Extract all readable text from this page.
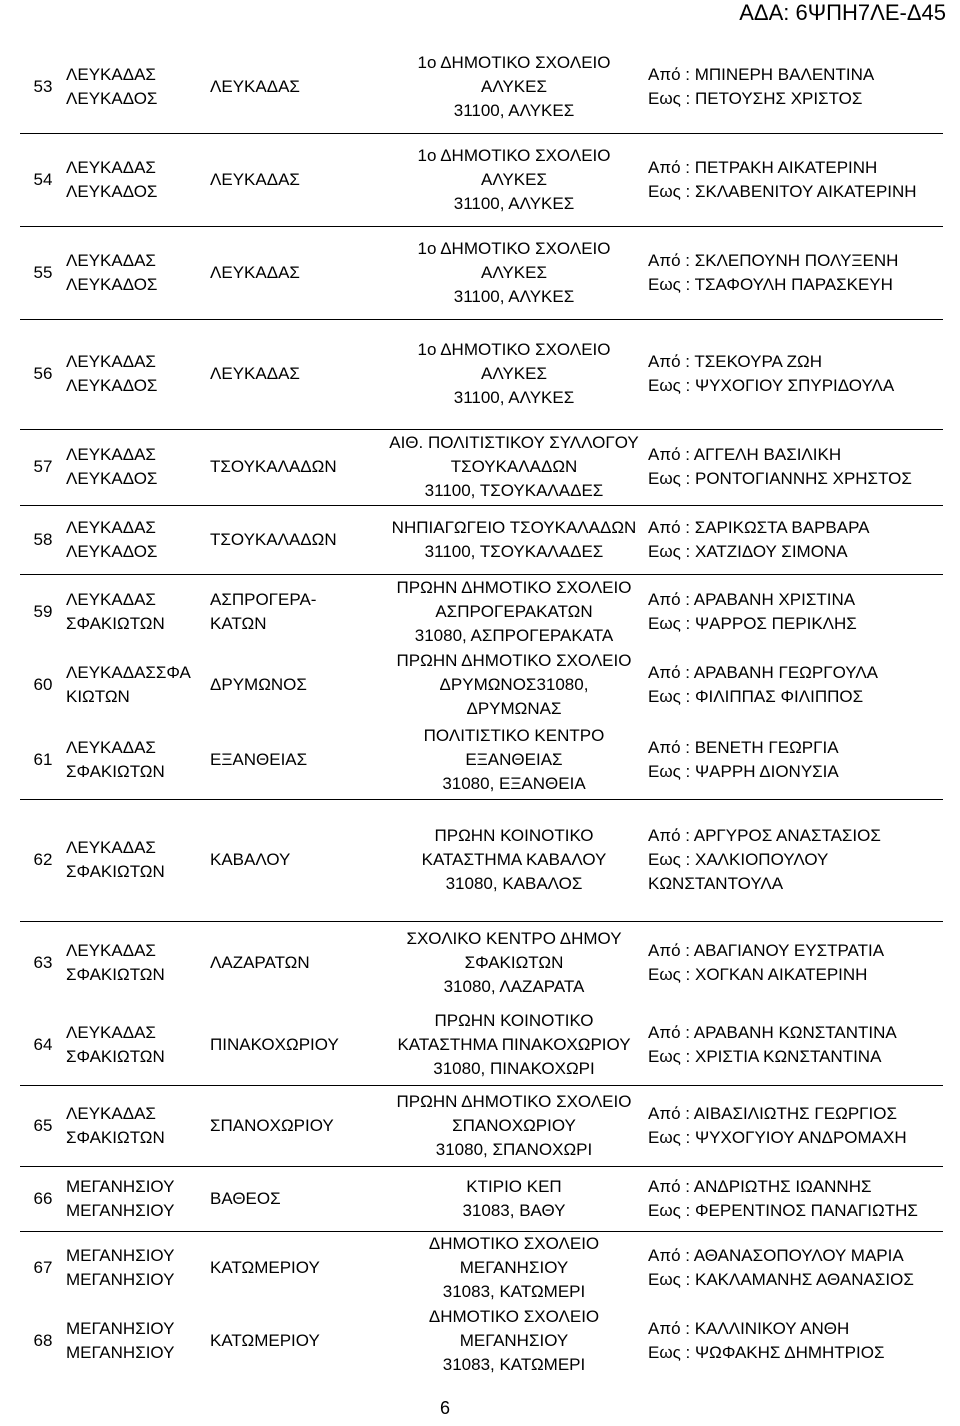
ΑΔΑ: 6ΨΠΗ7ΛΕ-Δ45
53	ΛΕΥΚΑΔΑΣ
ΛΕΥΚΑΔΟΣ	ΛΕΥΚΑΔΑΣ	1ο ΔΗΜΟΤΙΚΟ ΣΧΟΛΕΙΟ
ΑΛΥΚΕΣ
31100, ΑΛΥΚΕΣ	Από : ΜΠΙΝΕΡΗ ΒΑΛΕΝΤΙΝΑ
Εως : ΠΕΤΟΥΣΗΣ ΧΡΙΣΤΟΣ

54	ΛΕΥΚΑΔΑΣ
ΛΕΥΚΑΔΟΣ	ΛΕΥΚΑΔΑΣ	1ο ΔΗΜΟΤΙΚΟ ΣΧΟΛΕΙΟ
ΑΛΥΚΕΣ
31100, ΑΛΥΚΕΣ	Από : ΠΕΤΡΑΚΗ ΑΙΚΑΤΕΡΙΝΗ
Εως : ΣΚΛΑΒΕΝΙΤΟΥ ΑΙΚΑΤΕΡΙΝΗ

55	ΛΕΥΚΑΔΑΣ
ΛΕΥΚΑΔΟΣ	ΛΕΥΚΑΔΑΣ	1ο ΔΗΜΟΤΙΚΟ ΣΧΟΛΕΙΟ
ΑΛΥΚΕΣ
31100, ΑΛΥΚΕΣ	Από : ΣΚΛΕΠΟΥΝΗ ΠΟΛΥΞΕΝΗ
Εως : ΤΣΑΦΟΥΛΗ ΠΑΡΑΣΚΕΥΗ

56	ΛΕΥΚΑΔΑΣ
ΛΕΥΚΑΔΟΣ	ΛΕΥΚΑΔΑΣ	1ο ΔΗΜΟΤΙΚΟ ΣΧΟΛΕΙΟ
ΑΛΥΚΕΣ
31100, ΑΛΥΚΕΣ	Από : ΤΣΕΚΟΥΡΑ ΖΩΗ
Εως : ΨΥΧΟΓΙΟΥ ΣΠΥΡΙΔΟΥΛΑ

57	ΛΕΥΚΑΔΑΣ
ΛΕΥΚΑΔΟΣ	ΤΣΟΥΚΑΛΑΔΩΝ	ΑΙΘ. ΠΟΛΙΤΙΣΤΙΚΟΥ ΣΥΛΛΟΓΟΥ
ΤΣΟΥΚΑΛΑΔΩΝ
31100, ΤΣΟΥΚΑΛΑΔΕΣ	Από : ΑΓΓΕΛΗ ΒΑΣΙΛΙΚΗ
Εως : ΡΟΝΤΟΓΙΑΝΝΗΣ ΧΡΗΣΤΟΣ

58	ΛΕΥΚΑΔΑΣ
ΛΕΥΚΑΔΟΣ	ΤΣΟΥΚΑΛΑΔΩΝ	ΝΗΠΙΑΓΩΓΕΙΟ ΤΣΟΥΚΑΛΑΔΩΝ
31100, ΤΣΟΥΚΑΛΑΔΕΣ	Από : ΣΑΡΙΚΩΣΤΑ ΒΑΡΒΑΡΑ
Εως : ΧΑΤΖΙΔΟΥ ΣΙΜΟΝΑ

59	ΛΕΥΚΑΔΑΣ
ΣΦΑΚΙΩΤΩΝ	ΑΣΠΡΟΓΕΡΑ-
ΚΑΤΩΝ	ΠΡΩΗΝ ΔΗΜΟΤΙΚΟ ΣΧΟΛΕΙΟ
ΑΣΠΡΟΓΕΡΑΚΑΤΩΝ
31080, ΑΣΠΡΟΓΕΡΑΚΑΤΑ	Από : ΑΡΑΒΑΝΗ ΧΡΙΣΤΙΝΑ
Εως : ΨΑΡΡΟΣ ΠΕΡΙΚΛΗΣ

60	ΛΕΥΚΑΔΑΣΣΦΑ
ΚΙΩΤΩΝ	ΔΡΥΜΩΝΟΣ	ΠΡΩΗΝ ΔΗΜΟΤΙΚΟ ΣΧΟΛΕΙΟ
ΔΡΥΜΩΝΟΣ31080,
ΔΡΥΜΩΝΑΣ	Από : ΑΡΑΒΑΝΗ ΓΕΩΡΓΟΥΛΑ
Εως : ΦΙΛΙΠΠΑΣ ΦΙΛΙΠΠΟΣ

61	ΛΕΥΚΑΔΑΣ
ΣΦΑΚΙΩΤΩΝ	ΕΞΑΝΘΕΙΑΣ	ΠΟΛΙΤΙΣΤΙΚΟ ΚΕΝΤΡΟ
ΕΞΑΝΘΕΙΑΣ
31080, ΕΞΑΝΘΕΙΑ	Από : ΒΕΝΕΤΗ ΓΕΩΡΓΙΑ
Εως : ΨΑΡΡΗ ΔΙΟΝΥΣΙΑ

62	ΛΕΥΚΑΔΑΣ
ΣΦΑΚΙΩΤΩΝ	ΚΑΒΑΛΟΥ	ΠΡΩΗΝ ΚΟΙΝΟΤΙΚΟ
ΚΑΤΑΣΤΗΜΑ ΚΑΒΑΛΟΥ
31080, ΚΑΒΑΛΟΣ	Από : ΑΡΓΥΡΟΣ ΑΝΑΣΤΑΣΙΟΣ
Εως : ΧΑΛΚΙΟΠΟΥΛΟΥ
ΚΩΝΣΤΑΝΤΟΥΛΑ

63	ΛΕΥΚΑΔΑΣ
ΣΦΑΚΙΩΤΩΝ	ΛΑΖΑΡΑΤΩΝ	ΣΧΟΛΙΚΟ ΚΕΝΤΡΟ ΔΗΜΟΥ
ΣΦΑΚΙΩΤΩΝ
31080, ΛΑΖΑΡΑΤΑ	Από : ΑΒΑΓΙΑΝΟΥ ΕΥΣΤΡΑΤΙΑ
Εως : ΧΟΓΚΑΝ ΑΙΚΑΤΕΡΙΝΗ

64	ΛΕΥΚΑΔΑΣ
ΣΦΑΚΙΩΤΩΝ	ΠΙΝΑΚΟΧΩΡΙΟΥ	ΠΡΩΗΝ ΚΟΙΝΟΤΙΚΟ
ΚΑΤΑΣΤΗΜΑ ΠΙΝΑΚΟΧΩΡΙΟΥ
31080, ΠΙΝΑΚΟΧΩΡΙ	Από : ΑΡΑΒΑΝΗ ΚΩΝΣΤΑΝΤΙΝΑ
Εως : ΧΡΙΣΤΙΑ ΚΩΝΣΤΑΝΤΙΝΑ

65	ΛΕΥΚΑΔΑΣ
ΣΦΑΚΙΩΤΩΝ	ΣΠΑΝΟΧΩΡΙΟΥ	ΠΡΩΗΝ ΔΗΜΟΤΙΚΟ ΣΧΟΛΕΙΟ
ΣΠΑΝΟΧΩΡΙΟΥ
31080, ΣΠΑΝΟΧΩΡΙ	Από : ΑΙΒΑΣΙΛΙΩΤΗΣ ΓΕΩΡΓΙΟΣ
Εως : ΨΥΧΟΓΥΙΟΥ ΑΝΔΡΟΜΑΧΗ

66	ΜΕΓΑΝΗΣΙΟΥ
ΜΕΓΑΝΗΣΙΟΥ	ΒΑΘΕΟΣ	ΚΤΙΡΙΟ ΚΕΠ
31083, ΒΑΘΥ	Από : ΑΝΔΡΙΩΤΗΣ ΙΩΑΝΝΗΣ
Εως : ΦΕΡΕΝΤΙΝΟΣ ΠΑΝΑΓΙΩΤΗΣ

67	ΜΕΓΑΝΗΣΙΟΥ
ΜΕΓΑΝΗΣΙΟΥ	ΚΑΤΩΜΕΡΙΟΥ	ΔΗΜΟΤΙΚΟ ΣΧΟΛΕΙΟ
ΜΕΓΑΝΗΣΙΟΥ
31083, ΚΑΤΩΜΕΡΙ	Από : ΑΘΑΝΑΣΟΠΟΥΛΟΥ ΜΑΡΙΑ
Εως : ΚΑΚΛΑΜΑΝΗΣ ΑΘΑΝΑΣΙΟΣ

68	ΜΕΓΑΝΗΣΙΟΥ
ΜΕΓΑΝΗΣΙΟΥ	ΚΑΤΩΜΕΡΙΟΥ	ΔΗΜΟΤΙΚΟ ΣΧΟΛΕΙΟ
ΜΕΓΑΝΗΣΙΟΥ
31083, ΚΑΤΩΜΕΡΙ	Από : ΚΑΛΛΙΝΙΚΟΥ ΑΝΘΗ
Εως : ΨΩΦΑΚΗΣ ΔΗΜΗΤΡΙΟΣ
6
